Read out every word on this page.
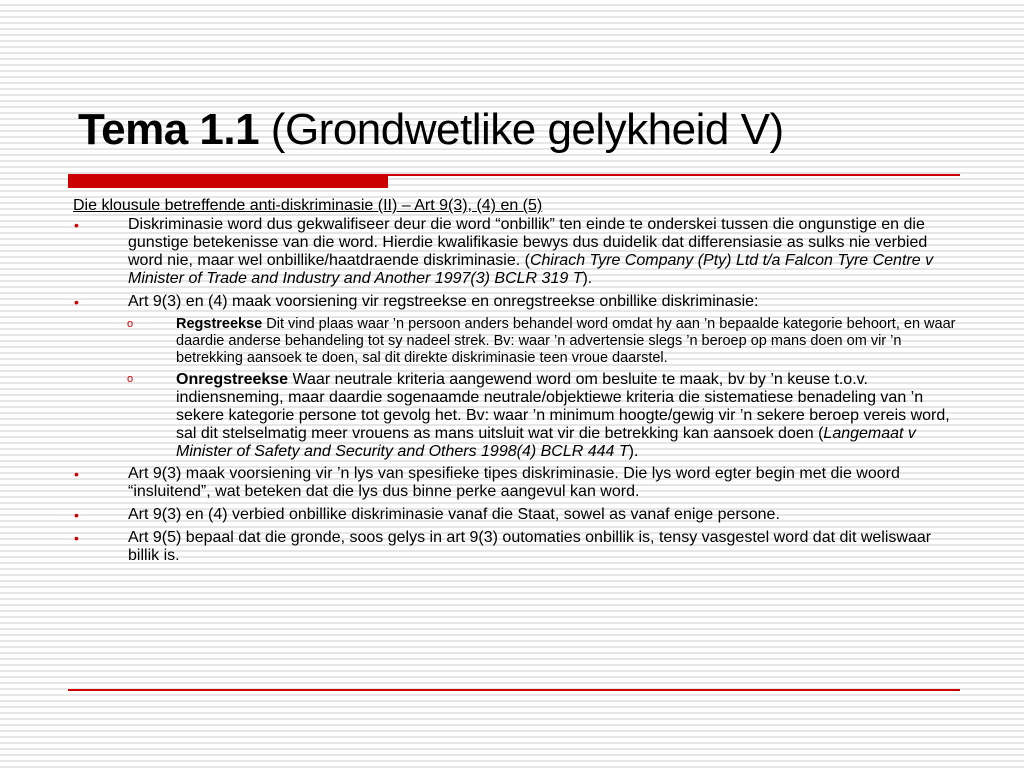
Tema 1.1 (Grondwetlike gelykheid V)
Die klousule betreffende anti-diskriminasie (II) – Art 9(3), (4) en (5)
•	Diskriminasie word dus gekwalifiseer deur die word “onbillik” ten einde te onderskei tussen die ongunstige en die gunstige betekenisse van die word. Hierdie kwalifikasie bewys dus duidelik dat differensiasie as sulks nie verbied word nie, maar wel onbillike/haatdraende diskriminasie. (Chirach Tyre Company (Pty) Ltd t/a Falcon Tyre Centre v Minister of Trade and Industry and Another 1997(3) BCLR 319 T).
•	Art 9(3) en (4) maak voorsiening vir regstreekse en onregstreekse onbillike diskriminasie:
o	Regstreekse Dit vind plaas waar ’n persoon anders behandel word omdat hy aan ’n bepaalde kategorie behoort, en waar daardie anderse behandeling tot sy nadeel strek. Bv: waar ’n advertensie slegs ’n beroep op mans doen om vir ’n betrekking aansoek te doen, sal dit direkte diskriminasie teen vroue daarstel.
o	Onregstreekse Waar neutrale kriteria aangewend word om besluite te maak, bv by ’n keuse t.o.v. indiensneming, maar daardie sogenaamde neutrale/objektiewe kriteria die sistematiese benadeling van ’n sekere kategorie persone tot gevolg het. Bv: waar ’n minimum hoogte/gewig vir ’n sekere beroep vereis word, sal dit stelselmatig meer vrouens as mans uitsluit wat vir die betrekking kan aansoek doen (Langemaat v Minister of Safety and Security and Others 1998(4) BCLR 444 T).
•	Art 9(3) maak voorsiening vir ’n lys van spesifieke tipes diskriminasie. Die lys word egter begin met die woord “insluitend”, wat beteken dat die lys dus binne perke aangevul kan word.
•	Art 9(3) en (4) verbied onbillike diskriminasie vanaf die Staat, sowel as vanaf enige persone.
•	Art 9(5) bepaal dat die gronde, soos gelys in art 9(3) outomaties onbillik is, tensy vasgestel word dat dit weliswaar billik is.
